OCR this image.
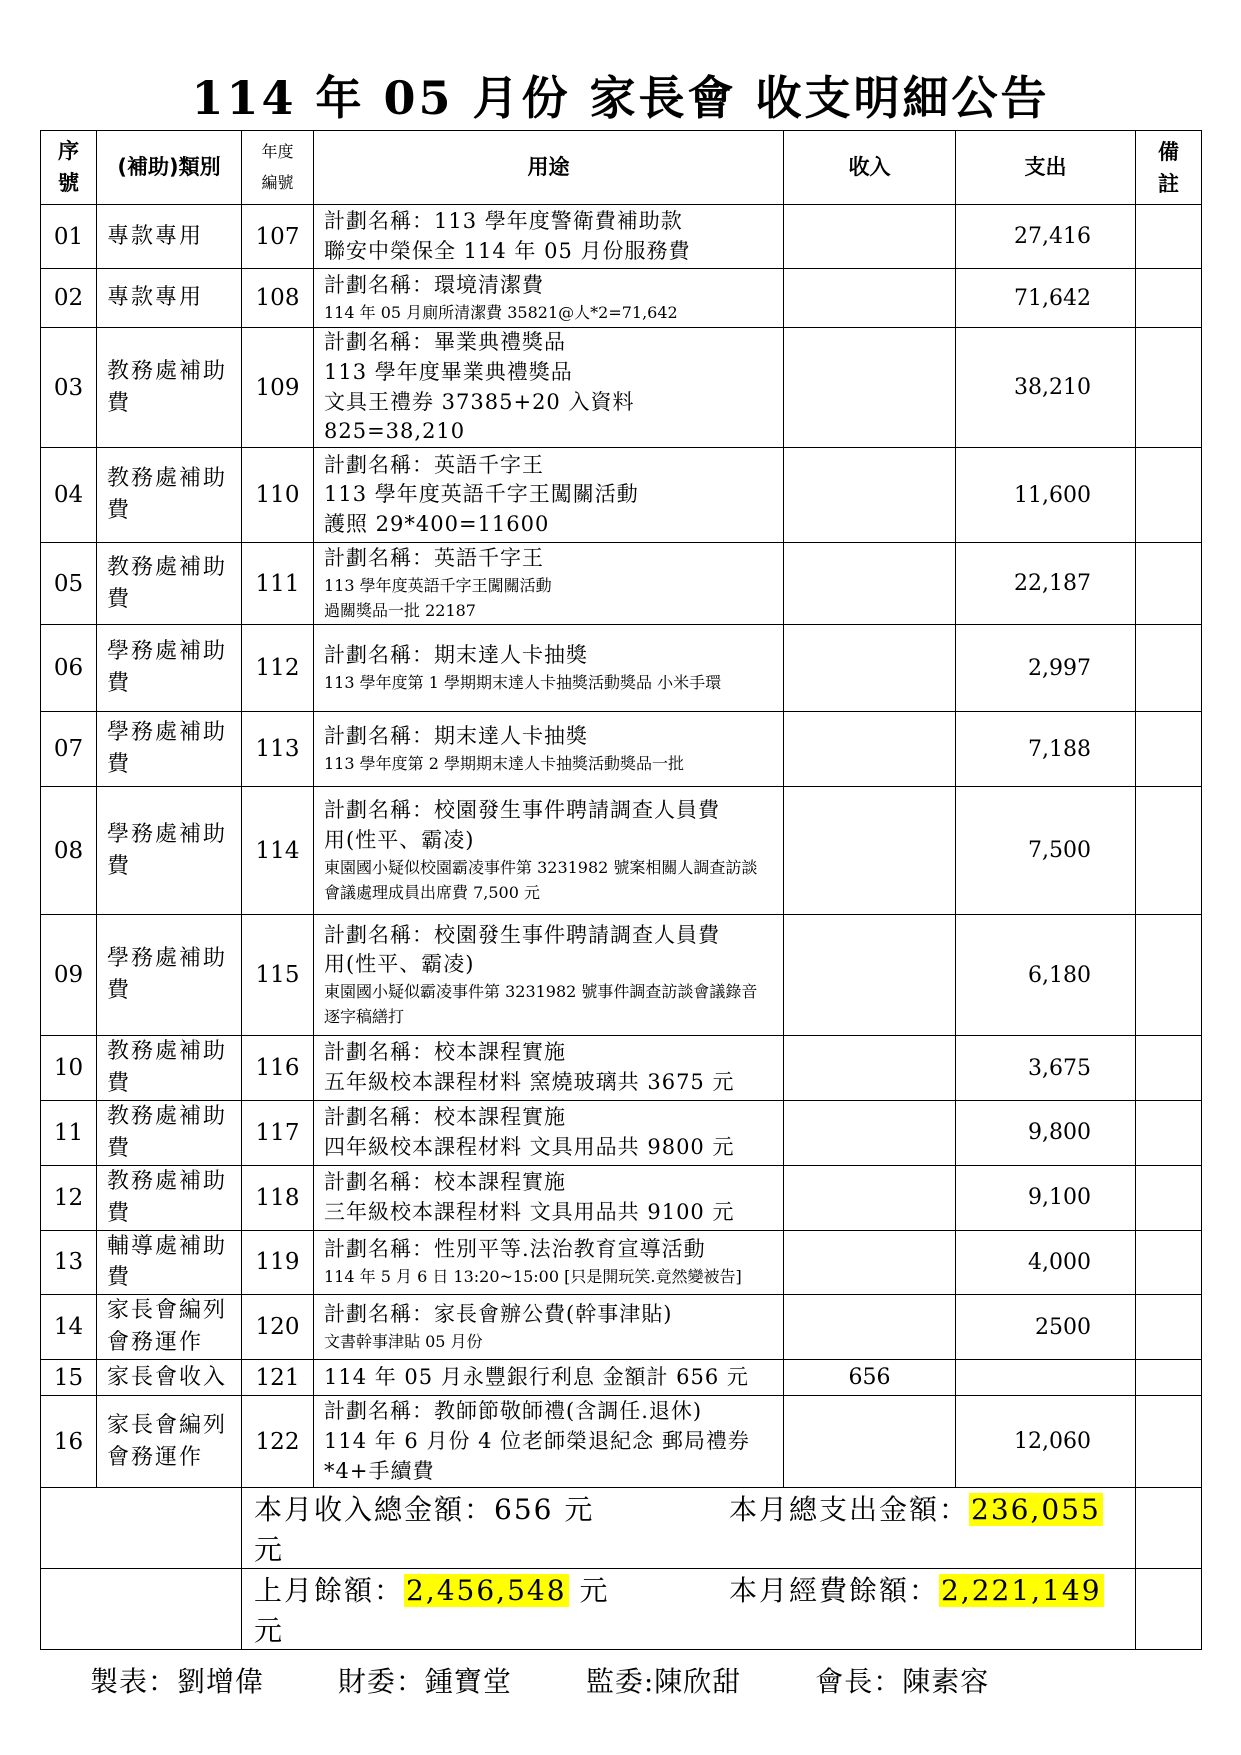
114 年 05 月份 家長會 收支明細公告
序
號	(補助)類別	年度
編號	用途	收入	支出	備
註
01	專款專用	107	計劃名稱：113 學年度警衛費補助款
聯安中榮保全 114 年 05 月份服務費		27,416	
02	專款專用	108	計劃名稱：環境清潔費
114 年 05 月廁所清潔費 35821@人*2=71,642		71,642	
03	教務處補助費	109	計劃名稱：畢業典禮獎品
113 學年度畢業典禮獎品
文具王禮券 37385+20 入資料 825=38,210		38,210	
04	教務處補助費	110	計劃名稱：英語千字王
113 學年度英語千字王闖關活動
護照 29*400=11600		11,600	
05	教務處補助費	111	計劃名稱：英語千字王
113 學年度英語千字王闖關活動
過關獎品一批 22187		22,187	
06	學務處補助費	112	計劃名稱：期末達人卡抽獎
113 學年度第 1 學期期末達人卡抽獎活動獎品 小米手環		2,997	
07	學務處補助費	113	計劃名稱：期末達人卡抽獎
113 學年度第 2 學期期末達人卡抽獎活動獎品一批		7,188	
08	學務處補助費	114	計劃名稱：校園發生事件聘請調查人員費
用(性平、霸凌)
東園國小疑似校園霸凌事件第 3231982 號案相關人調查訪談會議處理成員出席費 7,500 元		7,500	
09	學務處補助費	115	計劃名稱：校園發生事件聘請調查人員費
用(性平、霸凌)
東園國小疑似霸凌事件第 3231982 號事件調查訪談會議錄音逐字稿繕打		6,180	
10	教務處補助費	116	計劃名稱：校本課程實施
五年級校本課程材料 窯燒玻璃共 3675 元		3,675	
11	教務處補助費	117	計劃名稱：校本課程實施
四年級校本課程材料 文具用品共 9800 元		9,800	
12	教務處補助費	118	計劃名稱：校本課程實施
三年級校本課程材料 文具用品共 9100 元		9,100	
13	輔導處補助費	119	計劃名稱：性別平等.法治教育宣導活動
114 年 5 月 6 日 13:20~15:00 [只是開玩笑.竟然變被告]		4,000	
14	家長會編列會務運作	120	計劃名稱：家長會辦公費(幹事津貼)
文書幹事津貼 05 月份		2500	
15	家長會收入	121	114 年 05 月永豐銀行利息 金額計 656 元	656		
16	家長會編列會務運作	122	計劃名稱：教師節敬師禮(含調任.退休)
114 年 6 月份 4 位老師榮退紀念 郵局禮券*4+手續費		12,060	
		本月收入總金額：656 元 本月總支出金額：236,055 元				
		上月餘額：2,456,548 元 本月經費餘額：2,221,149 元				
製表：劉增偉	財委：鍾寶堂	監委:陳欣甜	會長：陳素容
